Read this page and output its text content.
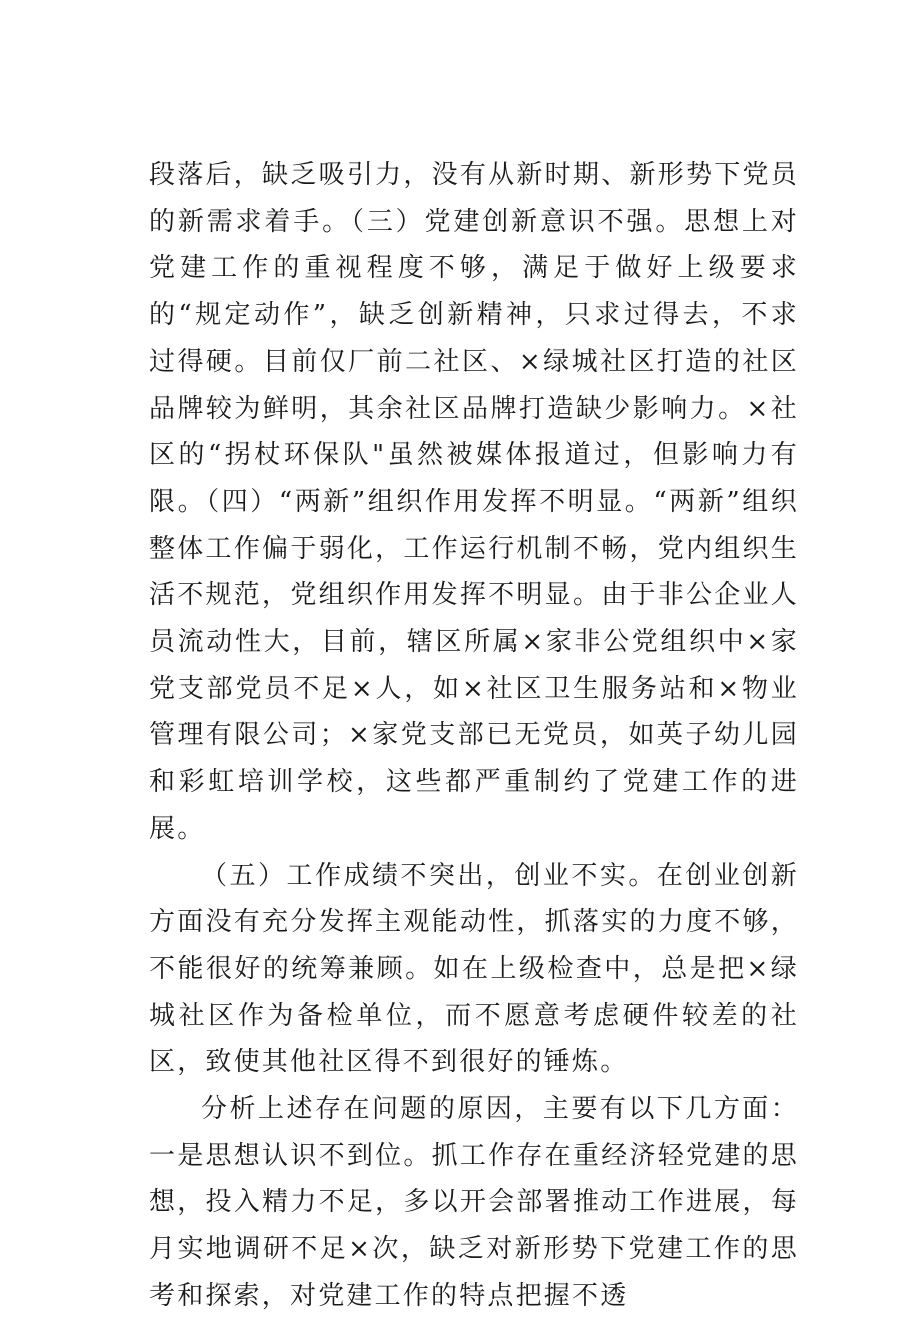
段落后，缺乏吸引力，没有从新时期、新形势下党员的新需求着手。（三）党建创新意识不强。思想上对党建工作的重视程度不够，满足于做好上级要求的“规定动作”，缺乏创新精神，只求过得去，不求过得硬。目前仅厂前二社区、×绿城社区打造的社区品牌较为鲜明，其余社区品牌打造缺少影响力。×社区的“拐杖环保队"虽然被媒体报道过，但影响力有限。（四）“两新”组织作用发挥不明显。“两新”组织整体工作偏于弱化，工作运行机制不畅，党内组织生活不规范，党组织作用发挥不明显。由于非公企业人员流动性大，目前，辖区所属×家非公党组织中×家党支部党员不足×人，如×社区卫生服务站和×物业管理有限公司；×家党支部已无党员，如英子幼儿园和彩虹培训学校，这些都严重制约了党建工作的进展。

（五）工作成绩不突出，创业不实。在创业创新方面没有充分发挥主观能动性，抓落实的力度不够，不能很好的统筹兼顾。如在上级检查中，总是把×绿城社区作为备检单位，而不愿意考虑硬件较差的社区，致使其他社区得不到很好的锤炼。

分析上述存在问题的原因，主要有以下几方面：一是思想认识不到位。抓工作存在重经济轻党建的思想，投入精力不足，多以开会部署推动工作进展，每月实地调研不足×次，缺乏对新形势下党建工作的思考和探索，对党建工作的特点把握不透
